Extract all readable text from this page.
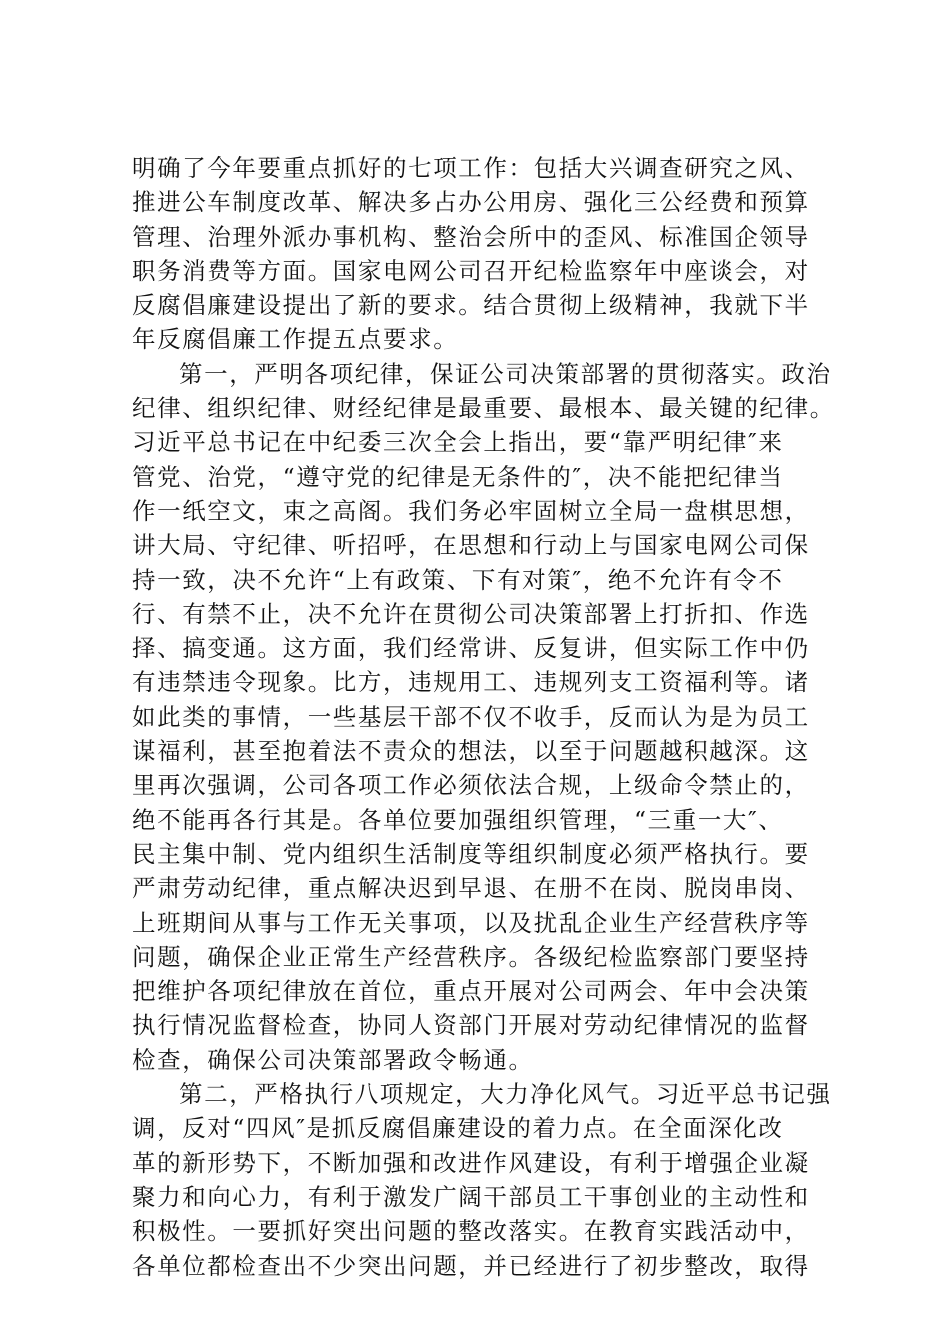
明确了今年要重点抓好的七项工作：包括大兴调查研究之风、
推进公车制度改革、解决多占办公用房、强化三公经费和预算
管理、治理外派办事机构、整治会所中的歪风、标准国企领导
职务消费等方面。国家电网公司召开纪检监察年中座谈会，对
反腐倡廉建设提出了新的要求。结合贯彻上级精神，我就下半
年反腐倡廉工作提五点要求。
第一，严明各项纪律，保证公司决策部署的贯彻落实。政治
纪律、组织纪律、财经纪律是最重要、最根本、最关键的纪律。
习近平总书记在中纪委三次全会上指出，要“靠严明纪律″来
管党、治党，“遵守党的纪律是无条件的″，决不能把纪律当
作一纸空文，束之高阁。我们务必牢固树立全局一盘棋思想，
讲大局、守纪律、听招呼，在思想和行动上与国家电网公司保
持一致，决不允许“上有政策、下有对策″，绝不允许有令不
行、有禁不止，决不允许在贯彻公司决策部署上打折扣、作选
择、搞变通。这方面，我们经常讲、反复讲，但实际工作中仍
有违禁违令现象。比方，违规用工、违规列支工资福利等。诸
如此类的事情，一些基层干部不仅不收手，反而认为是为员工
谋福利，甚至抱着法不责众的想法，以至于问题越积越深。这
里再次强调，公司各项工作必须依法合规，上级命令禁止的，
绝不能再各行其是。各单位要加强组织管理，“三重一大″、
民主集中制、党内组织生活制度等组织制度必须严格执行。要
严肃劳动纪律，重点解决迟到早退、在册不在岗、脱岗串岗、
上班期间从事与工作无关事项，以及扰乱企业生产经营秩序等
问题，确保企业正常生产经营秩序。各级纪检监察部门要坚持
把维护各项纪律放在首位，重点开展对公司两会、年中会决策
执行情况监督检查，协同人资部门开展对劳动纪律情况的监督
检查，确保公司决策部署政令畅通。
第二，严格执行八项规定，大力净化风气。习近平总书记强
调，反对“四风″是抓反腐倡廉建设的着力点。在全面深化改
革的新形势下，不断加强和改进作风建设，有利于增强企业凝
聚力和向心力，有利于激发广阔干部员工干事创业的主动性和
积极性。一要抓好突出问题的整改落实。在教育实践活动中，
各单位都检查出不少突出问题，并已经进行了初步整改，取得
